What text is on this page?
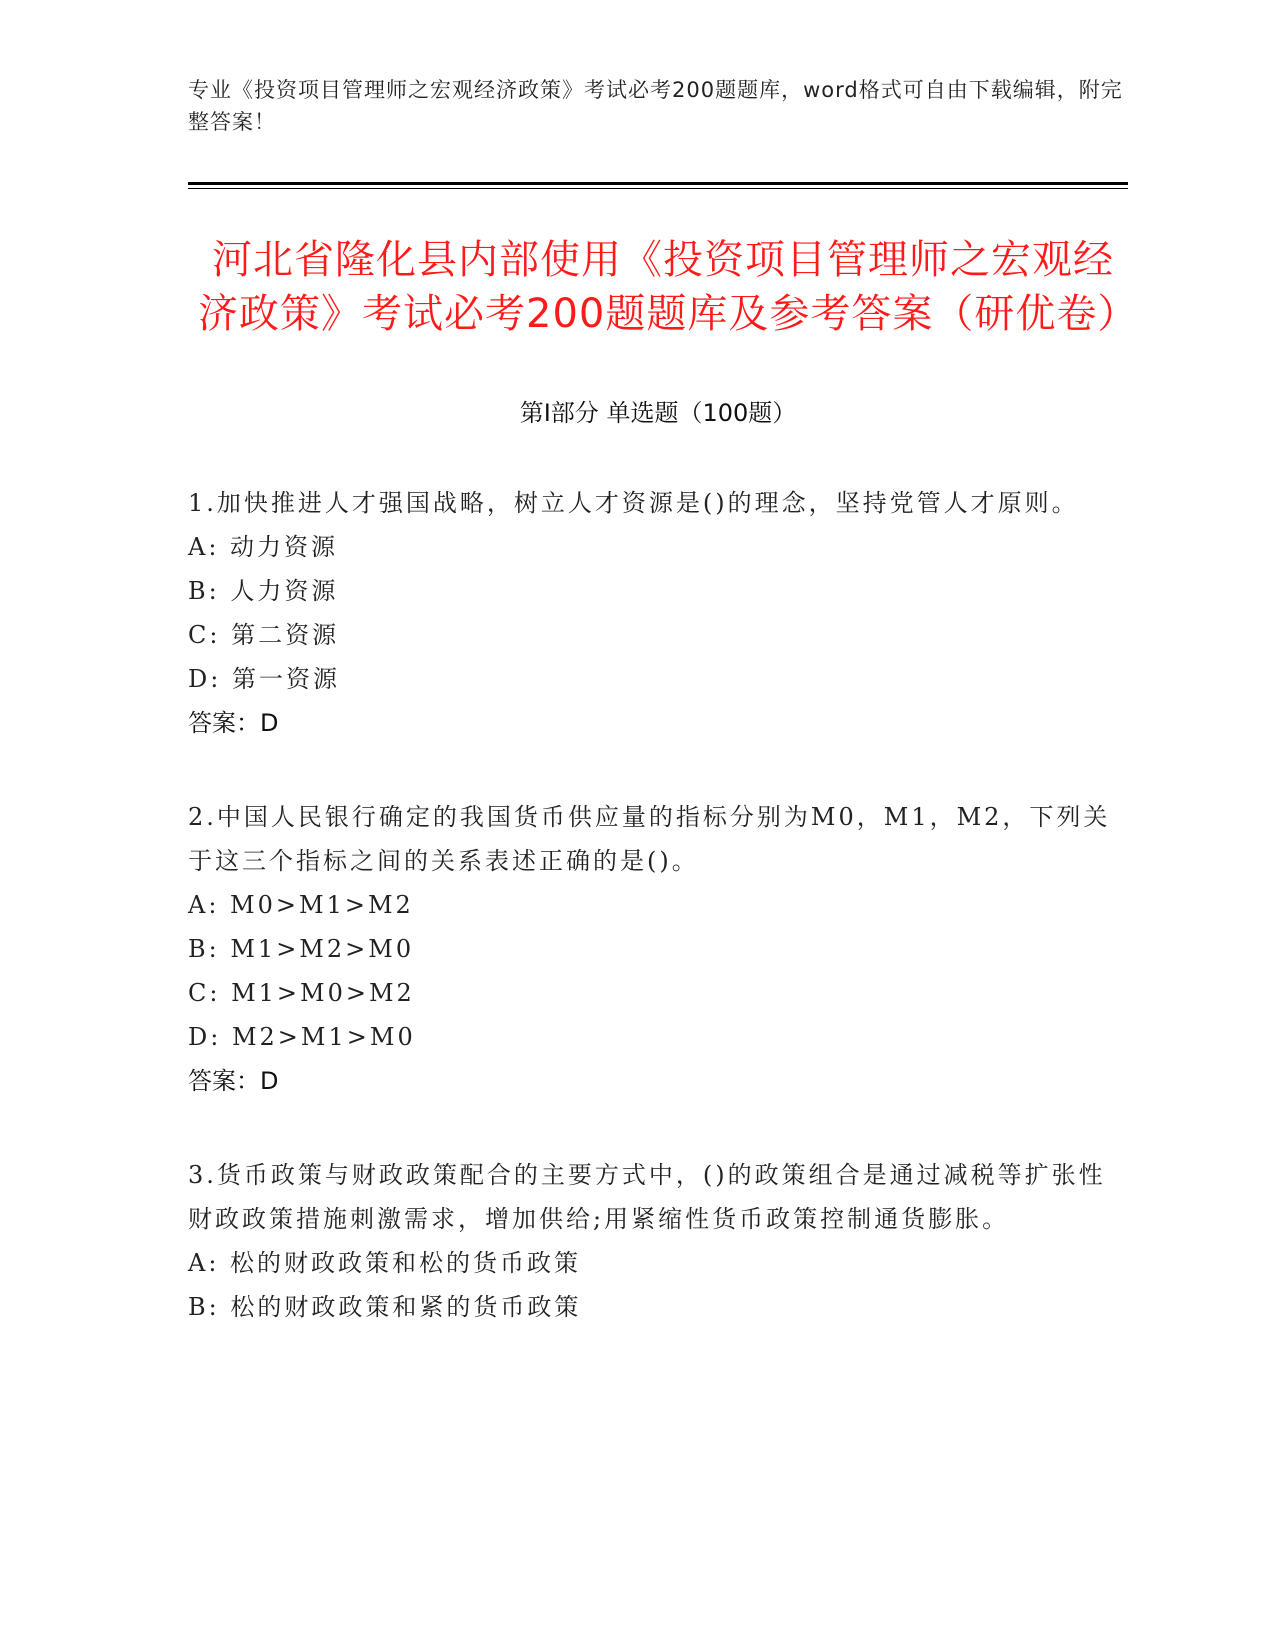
专业《投资项目管理师之宏观经济政策》考试必考200题题库，word格式可自由下载编辑，附完整答案！
河北省隆化县内部使用《投资项目管理师之宏观经济政策》考试必考200题题库及参考答案（研优卷）
第Ⅰ部分 单选题（100题）
1.加快推进人才强国战略，树立人才资源是()的理念，坚持党管人才原则。
A: 动力资源
B: 人力资源
C: 第二资源
D: 第一资源
答案：D
2.中国人民银行确定的我国货币供应量的指标分别为M0，M1，M2，下列关于这三个指标之间的关系表述正确的是()。
A: M0>M1>M2
B: M1>M2>M0
C: M1>M0>M2
D: M2>M1>M0
答案：D
3.货币政策与财政政策配合的主要方式中，()的政策组合是通过减税等扩张性财政政策措施刺激需求，增加供给;用紧缩性货币政策控制通货膨胀。
A: 松的财政政策和松的货币政策
B: 松的财政政策和紧的货币政策
